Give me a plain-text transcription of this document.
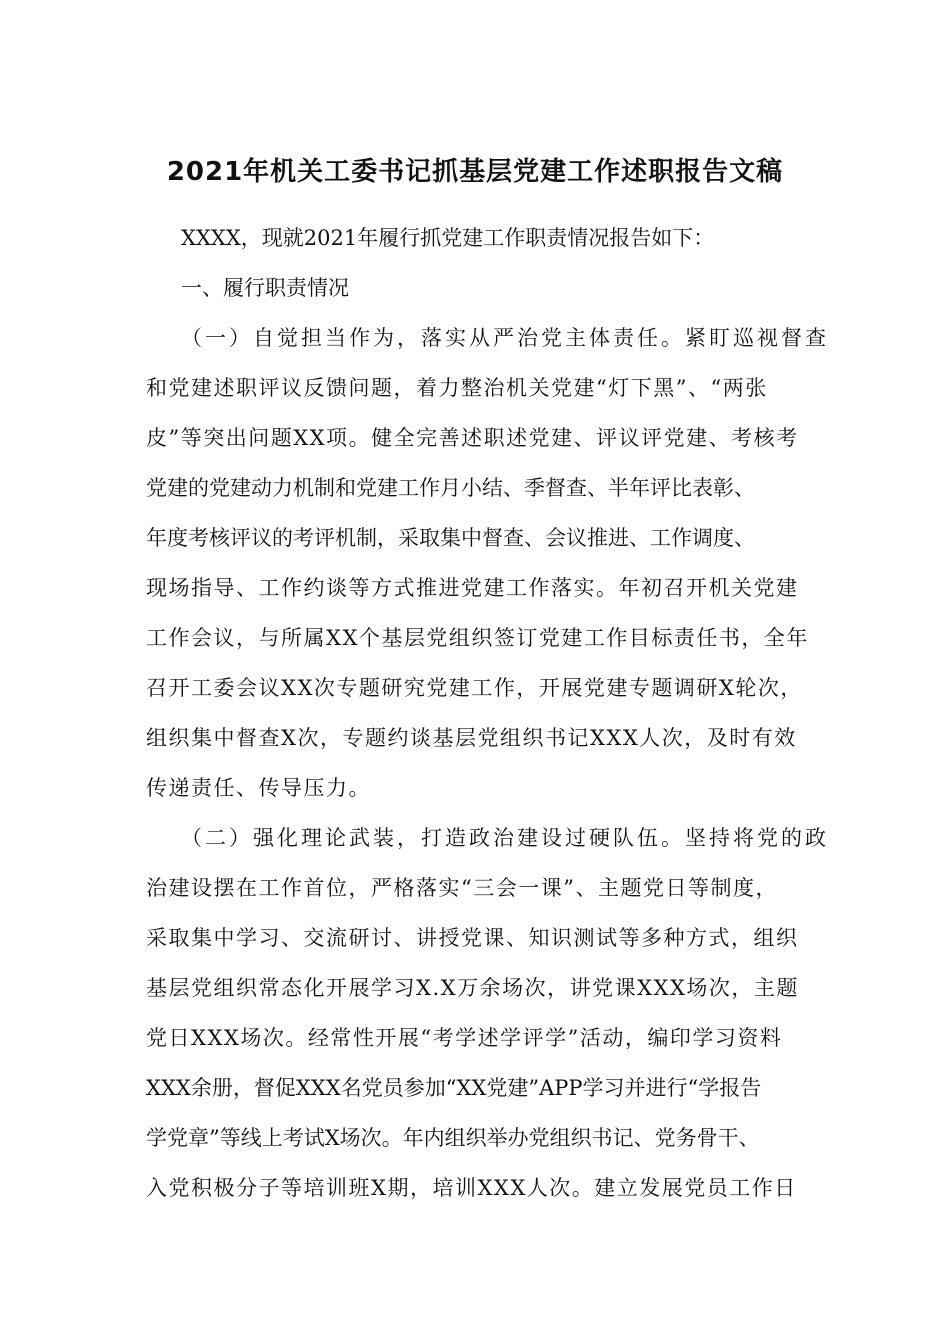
2021年机关工委书记抓基层党建工作述职报告文稿
XXXX，现就2021年履行抓党建工作职责情况报告如下：
一、履行职责情况
（一）自觉担当作为，落实从严治党主体责任。紧盯巡视督查
和党建述职评议反馈问题，着力整治机关党建“灯下黑”、“两张
皮”等突出问题XX项。健全完善述职述党建、评议评党建、考核考
党建的党建动力机制和党建工作月小结、季督查、半年评比表彰、
年度考核评议的考评机制，采取集中督查、会议推进、工作调度、
现场指导、工作约谈等方式推进党建工作落实。年初召开机关党建
工作会议，与所属XX个基层党组织签订党建工作目标责任书，全年
召开工委会议XX次专题研究党建工作，开展党建专题调研X轮次，
组织集中督查X次，专题约谈基层党组织书记XXX人次，及时有效
传递责任、传导压力。
（二）强化理论武装，打造政治建设过硬队伍。坚持将党的政
治建设摆在工作首位，严格落实“三会一课”、主题党日等制度，
采取集中学习、交流研讨、讲授党课、知识测试等多种方式，组织
基层党组织常态化开展学习X.X万余场次，讲党课XXX场次，主题
党日XXX场次。经常性开展“考学述学评学”活动，编印学习资料
XXX余册，督促XXX名党员参加“XX党建”APP学习并进行“学报告
学党章”等线上考试X场次。年内组织举办党组织书记、党务骨干、
入党积极分子等培训班X期，培训XXX人次。建立发展党员工作日
